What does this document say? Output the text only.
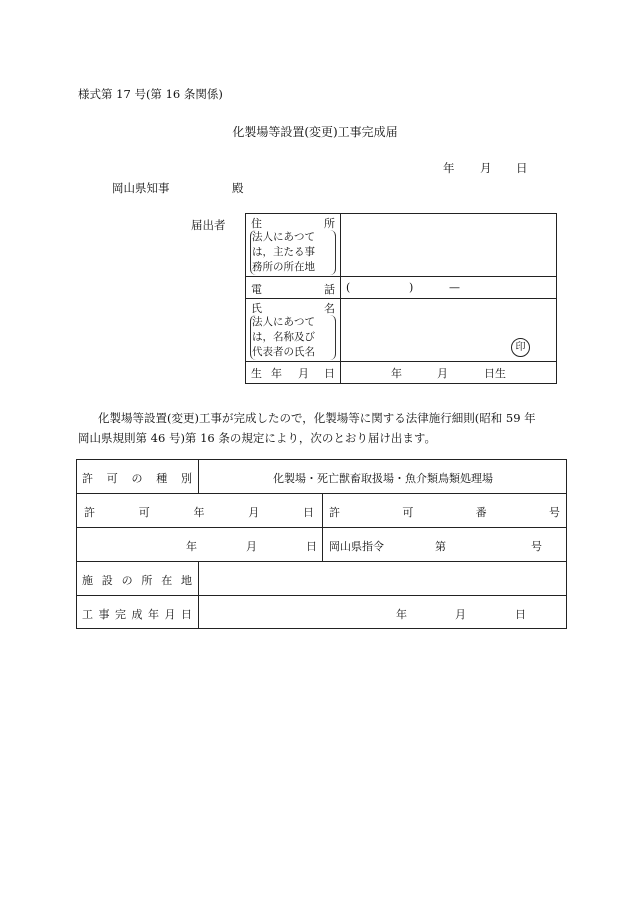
様式第 17 号(第 16 条関係)
化製場等設置(変更)工事完成届
年 月 日
岡山県知事	殿
届出者 住	所
法人にあつて
は，主たる事
務所の所在地
電	話 (	)	—
氏	名
法人にあつて
は，名称及び
代表者の氏名	印
生 年 月 日	年	月	日生
化製場等設置(変更)工事が完成したので，化製場等に関する法律施行細則(昭和 59 年
岡山県規則第 46 号)第 16 条の規定により，次のとおり届け出ます。
許 可 の 種 別	化製場・死亡獣畜取扱場・魚介類鳥類処理場
許	可	年	月	日 許	可	番	号
年	月	日 岡山県指令	第	号
施 設 の 所 在 地
工 事 完 成 年 月 日	年	月	日
